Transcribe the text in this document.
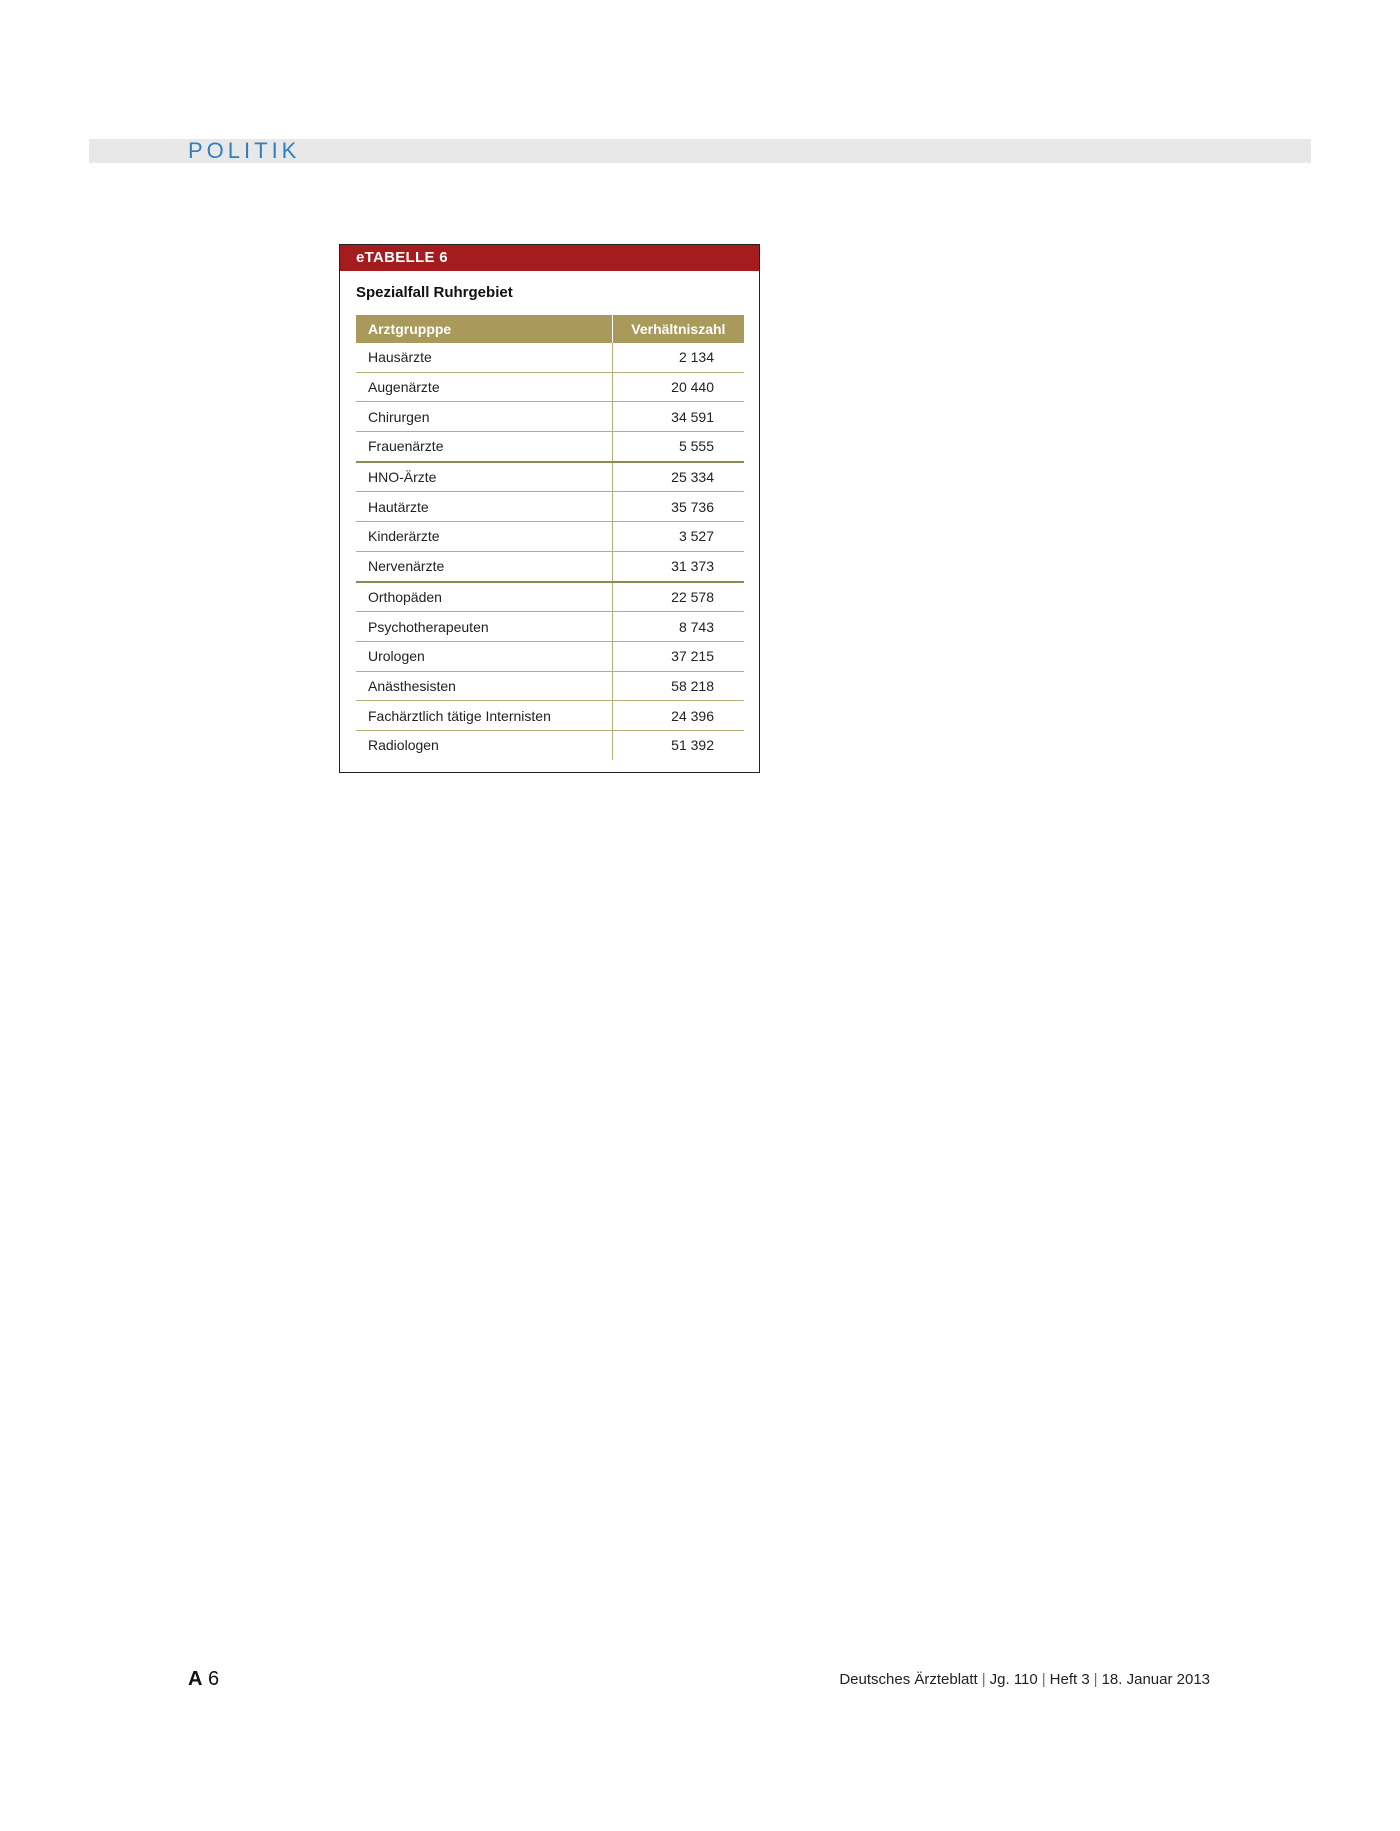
POLITIK
eTABELLE 6
Spezialfall Ruhrgebiet
Arztgrupppe	Verhältniszahl
Hausärzte	2 134
Augenärzte	20 440
Chirurgen	34 591
Frauenärzte	5 555
HNO-Ärzte	25 334
Hautärzte	35 736
Kinderärzte	3 527
Nervenärzte	31 373
Orthopäden	22 578
Psychotherapeuten	8 743
Urologen	37 215
Anästhesisten	58 218
Fachärztlich tätige Internisten	24 396
Radiologen	51 392
A 6	Deutsches Ärzteblatt | Jg. 110 | Heft 3 | 18. Januar 2013
